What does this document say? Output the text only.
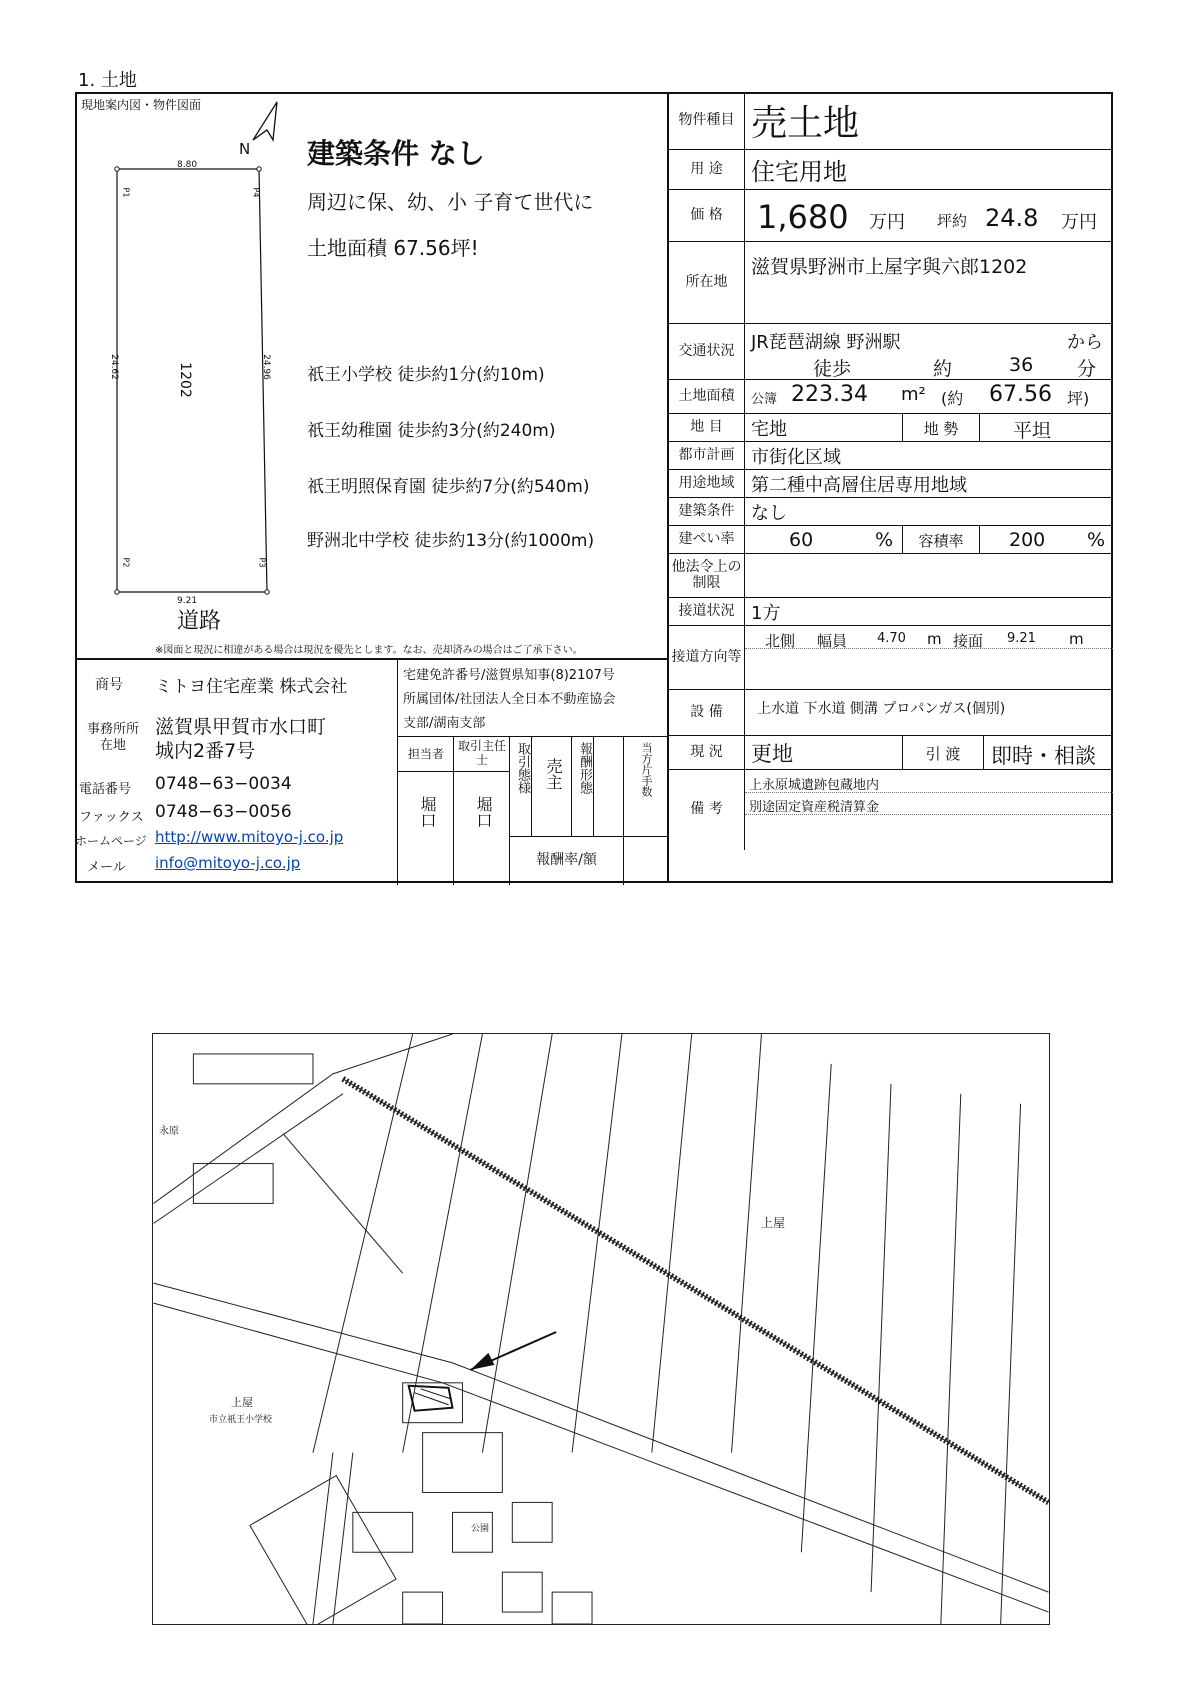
1. 土地
現地案内図・物件図面
N
8.80
9.21
24.62	24.96
1202
P1	P4
P2	P3
道路
建築条件 なし
周辺に保、幼、小 子育て世代に
土地面積 67.56坪!
祇王小学校 徒歩約1分(約10m)
祇王幼稚園 徒歩約3分(約240m)
祇王明照保育園 徒歩約7分(約540m)
野洲北中学校 徒歩約13分(約1000m)
※図面と現況に相違がある場合は現況を優先とします。なお、売却済みの場合はご了承下さい。
物件種目 売土地
用 途	住宅用地
価 格	1,680 万円 坪約 24.8 万円
所在地
滋賀県野洲市上屋字與六郎1202
交通状況 JR琵琶湖線 野洲駅	から
徒歩	約	36 分
土地面積	公簿 223.34 m² (約 67.56 坪)
地 目	宅地	地 勢	平坦
都市計画 市街化区域
用途地域 第二種中高層住居専用地域
建築条件 なし
建ぺい率	60	%	容積率	200 %
他法令上の制限
接道状況 1方
接道方向等
北側 幅員 4.70 m 接面 9.21 m
設 備	上水道 下水道 側溝 プロパンガス(個別)
現 況	更地	引 渡	即時・相談
備 考
上永原城遺跡包蔵地内
別途固定資産税清算金
商号 ミトヨ住宅産業 株式会社
事務所所在地
滋賀県甲賀市水口町
城内2番7号
電話番号 0748−63−0034
ファックス 0748−63−0056
ホームページ http://www.mitoyo-j.co.jp
メール info@mitoyo-j.co.jp
宅建免許番号/滋賀県知事(8)2107号
所属団体/社団法人全日本不動産協会
支部/湖南支部
担当者
堀口
取引主任士
堀口
取引態様 売主 報酬形態	当方片手数
報酬率/額
永原
上屋
上屋
市立祇王小学校
公園
